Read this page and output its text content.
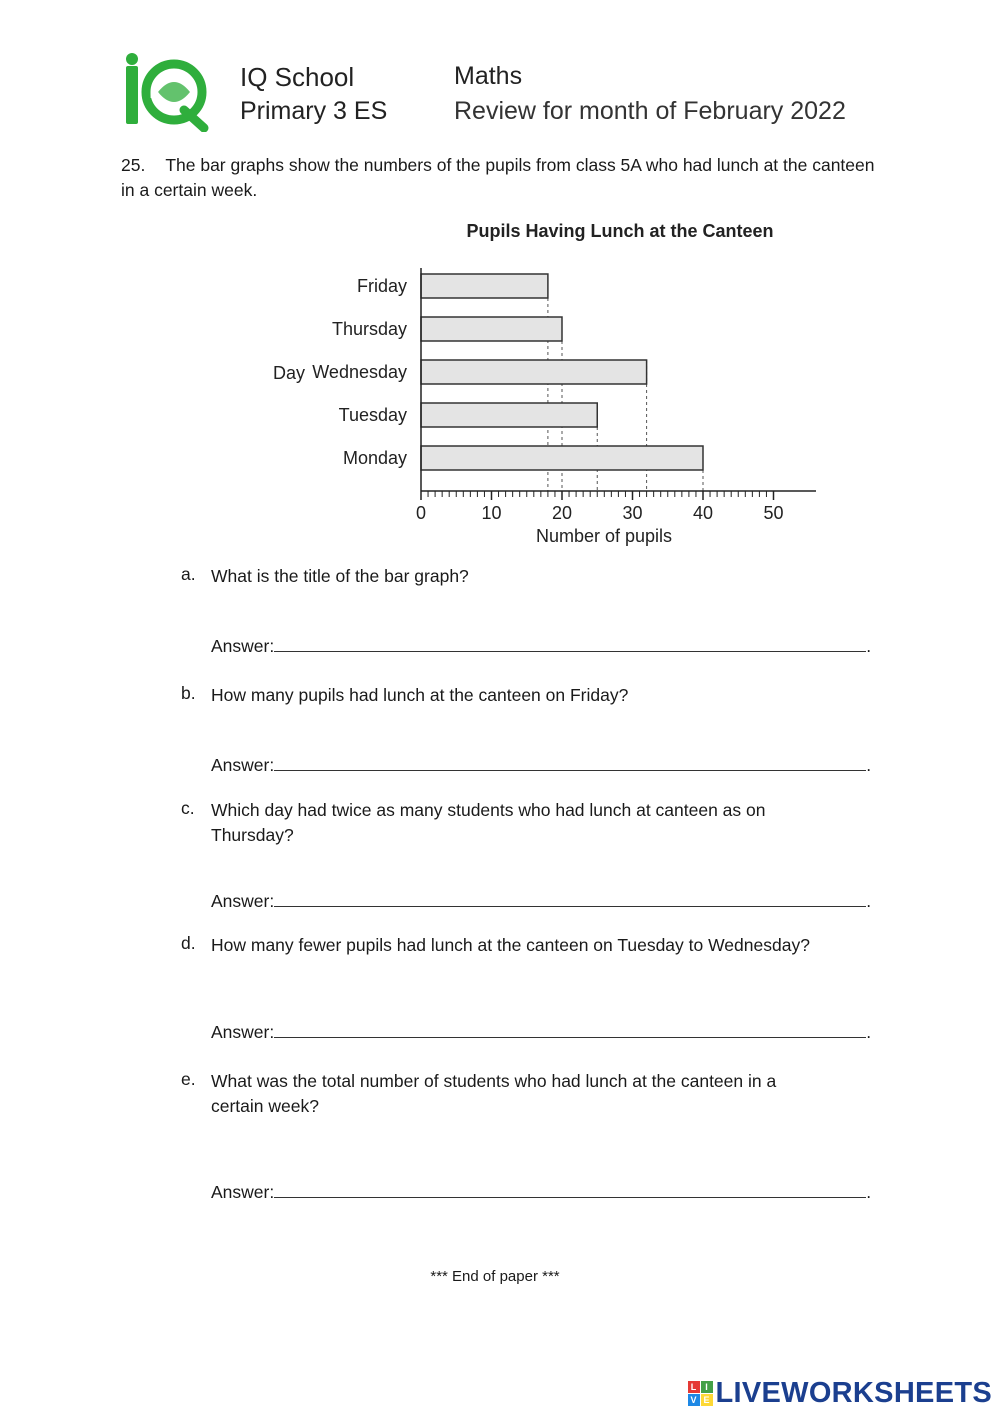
IQ
IQ School
Primary 3 ES
Maths
Review for month of February 2022
25. The bar graphs show the numbers of the pupils from class 5A who had lunch at the canteen in a certain week.
Pupils Having Lunch at the Canteen
Monday
Tuesday
Wednesday
Thursday
Friday
0	10	20	30	40	50
Day
Number of pupils
a. What is the title of the bar graph?
Answer:	.
b. How many pupils had lunch at the canteen on Friday?
Answer:	.
c. Which day had twice as many students who had lunch at canteen as on
Thursday?
Answer:	.
d. How many fewer pupils had lunch at the canteen on Tuesday to Wednesday?
Answer:	.
e. What was the total number of students who had lunch at the canteen in a
certain week?
Answer:	.
*** End of paper ***
L I
V E LIVEWORKSHEETS
